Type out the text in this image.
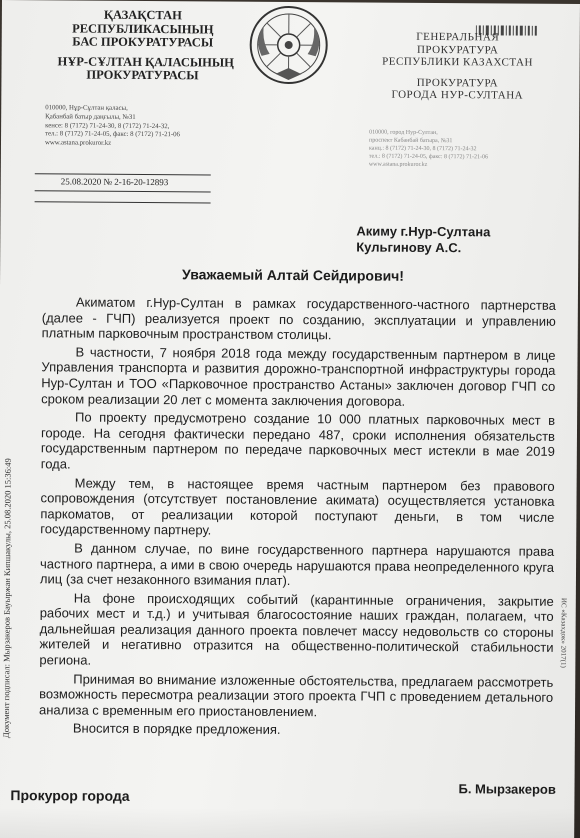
ҚАЗАҚСТАН
РЕСПУБЛИКАСЫНЫҢ
БАС ПРОКУРАТУРАСЫ
НҰР-СҰЛТАН ҚАЛАСЫНЫҢ
ПРОКУРАТУРАСЫ
ГЕНЕРАЛЬНАЯ
ПРОКУРАТУРА
РЕСПУБЛИКИ КАЗАХСТАН
ПРОКУРАТУРА
ГОРОДА НУР-СУЛТАНА
010000, Нұр-Сұлтан қаласы,
Қабанбай батыр даңғылы, №31
кенсе: 8 (7172) 71-24-30, 8 (7172) 71-24-32,
тел.: 8 (7172) 71-24-05, факс: 8 (7172) 71-21-06
www.astana.prokuror.kz
010000, город Нур-Султан,
проспект Кабанбай батыра, №31
канц.: 8 (7172) 71-24-30, 8 (7172) 71-24-32
тел.: 8 (7172) 71-24-05, факс: 8 (7172) 71-21-06
www.astana.prokuror.kz
25.08.2020 № 2-16-20-12893
Акиму г.Нур-Султана
Кульгинову А.С.
Уважаемый Алтай Сейдирович!
Акиматом г.Нур-Султан в рамках государственного-частного партнерства (далее - ГЧП) реализуется проект по созданию, эксплуатации и управлению платным парковочным пространством столицы.
В частности, 7 ноября 2018 года между государственным партнером в лице Управления транспорта и развития дорожно-транспортной инфраструктуры города Нур-Султан и ТОО «Парковочное пространство Астаны» заключен договор ГЧП со сроком реализации 20 лет с момента заключения договора.
По проекту предусмотрено создание 10 000 платных парковочных мест в городе. На сегодня фактически передано 487, сроки исполнения обязательств государственным партнером по передаче парковочных мест истекли в мае 2019 года.
Между тем, в настоящее время частным партнером без правового сопровождения (отсутствует постановление акимата) осуществляется установка паркоматов, от реализации которой поступают деньги, в том числе государственному партнеру.
В данном случае, по вине государственного партнера нарушаются права частного партнера, а ими в свою очередь нарушаются права неопределенного круга лиц (за счет незаконного взимания плат).
На фоне происходящих событий (карантинные ограничения, закрытие рабочих мест и т.д.) и учитывая благосостояние наших граждан, полагаем, что дальнейшая реализация данного проекта повлечет массу недовольств со стороны жителей и негативно отразится на общественно-политической стабильности региона.
Принимая во внимание изложенные обстоятельства, предлагаем рассмотреть возможность пересмотра реализации этого проекта ГЧП с проведением детального анализа с временным его приостановлением.
Вносится в порядке предложения.
Прокурор города	Б. Мырзакеров
Документ подписал: Мырзакеров Бауыржан Кипшакулы, 25.08.2020 15:36:49	ИС «Казахдок» 2017(1)
